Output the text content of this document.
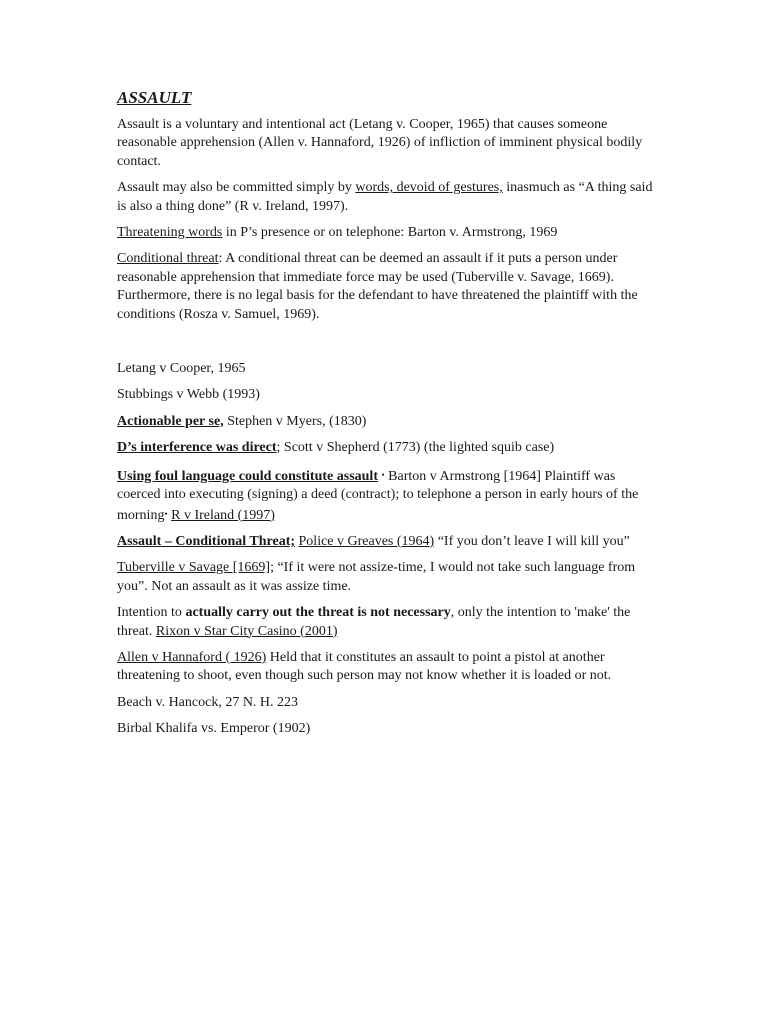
ASSAULT

Assault is a voluntary and intentional act (Letang v. Cooper, 1965) that causes someone reasonable apprehension (Allen v. Hannaford, 1926) of infliction of imminent physical bodily contact.

Assault may also be committed simply by words, devoid of gestures, inasmuch as “A thing said is also a thing done” (R v. Ireland, 1997).

Threatening words in P’s presence or on telephone: Barton v. Armstrong, 1969

Conditional threat: A conditional threat can be deemed an assault if it puts a person under reasonable apprehension that immediate force may be used (Tuberville v. Savage, 1669). Furthermore, there is no legal basis for the defendant to have threatened the plaintiff with the conditions (Rosza v. Samuel, 1969).

Letang v Cooper, 1965

Stubbings v Webb (1993)

Actionable per se, Stephen v Myers, (1830)

D’s interference was direct; Scott v Shepherd (1773) (the lighted squib case)

Using foul language could constitute assault • Barton v Armstrong [1964] Plaintiff was coerced into executing (signing) a deed (contract); to telephone a person in early hours of the morning• R v Ireland (1997)

Assault – Conditional Threat; Police v Greaves (1964) “If you don’t leave I will kill you”

Tuberville v Savage [1669]; “If it were not assize-time, I would not take such language from you”. Not an assault as it was assize time.

Intention to actually carry out the threat is not necessary, only the intention to 'make' the threat. Rixon v Star City Casino (2001)

Allen v Hannaford ( 1926) Held that it constitutes an assault to point a pistol at another threatening to shoot, even though such person may not know whether it is loaded or not.

Beach v. Hancock, 27 N. H. 223

Birbal Khalifa vs. Emperor (1902)
